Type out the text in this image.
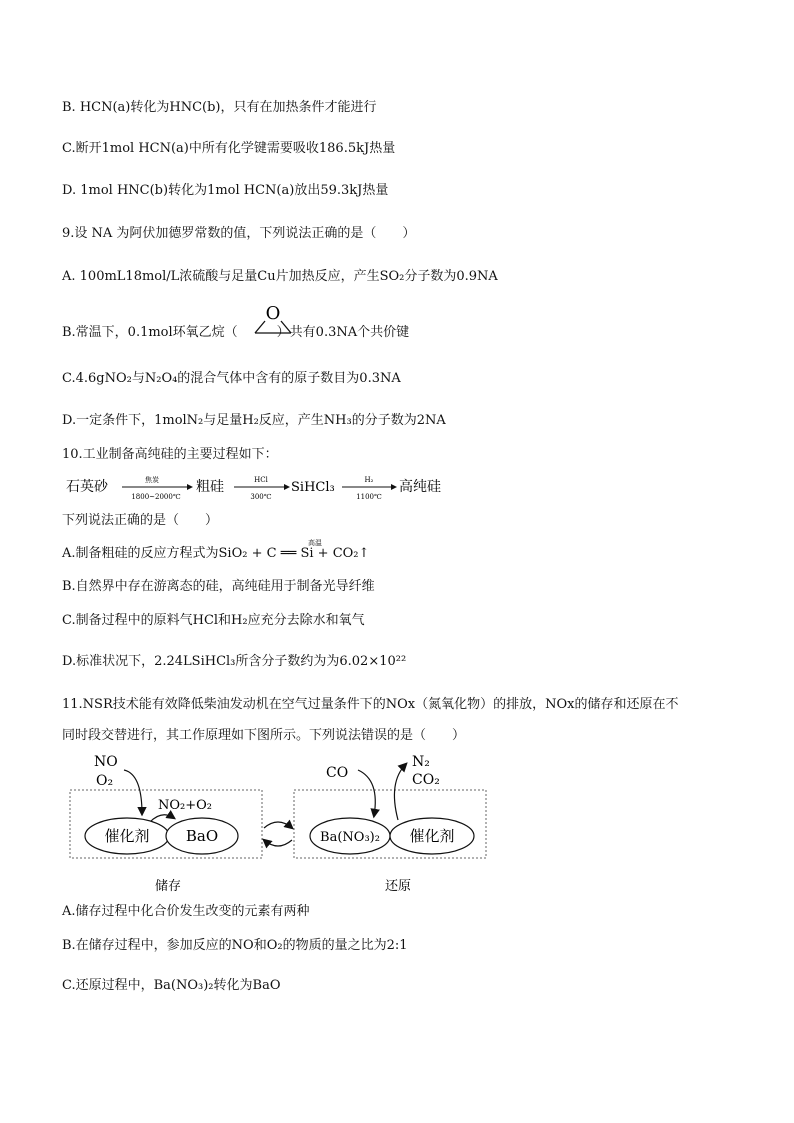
B. HCN(a)转化为HNC(b)，只有在加热条件才能进行
C.断开1mol HCN(a)中所有化学键需要吸收186.5kJ热量
D. 1mol HNC(b)转化为1mol HCN(a)放出59.3kJ热量
9.设 NA 为阿伏加德罗常数的值，下列说法正确的是（　　）
A. 100mL18mol/L浓硫酸与足量Cu片加热反应，产生SO₂分子数为0.9NA
B.常温下，0.1mol环氧乙烷（　　　）共有0.3NA个共价键
O
C.4.6gNO₂与N₂O₄的混合气体中含有的原子数目为0.3NA
D.一定条件下，1molN₂与足量H₂反应，产生NH₃的分子数为2NA
10.工业制备高纯硅的主要过程如下：
石英砂	焦炭
1800~2000℃
粗硅	HCl
300℃
SiHCl₃	H₂
1100℃
高纯硅
下列说法正确的是（　　）
A.制备粗硅的反应方程式为SiO₂ + C ══ Si + CO₂↑
高温
B.自然界中存在游离态的硅，高纯硅用于制备光导纤维
C.制备过程中的原料气HCl和H₂应充分去除水和氧气
D.标准状况下，2.24LSiHCl₃所含分子数约为为6.02×10²²
11.NSR技术能有效降低柴油发动机在空气过量条件下的NOx（氮氧化物）的排放，NOx的储存和还原在不
同时段交替进行，其工作原理如下图所示。下列说法错误的是（　　）
NO
O₂
NO₂+O₂
催化剂 BaO
CO
N₂
CO₂
Ba(NO₃)₂ 催化剂
储存	还原
A.储存过程中化合价发生改变的元素有两种
B.在储存过程中，参加反应的NO和O₂的物质的量之比为2:1
C.还原过程中，Ba(NO₃)₂转化为BaO
